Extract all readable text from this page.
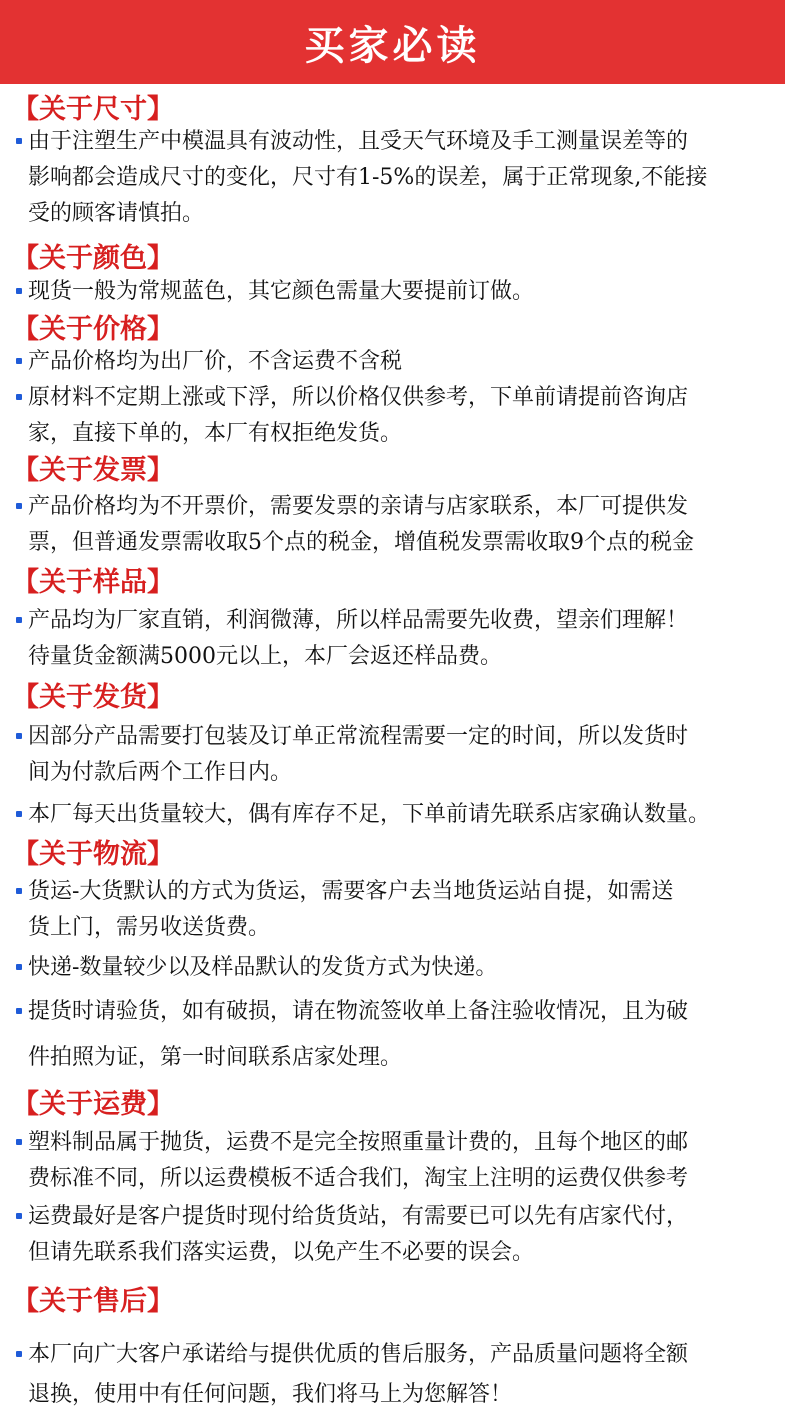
买家必读
【关于尺寸】
由于注塑生产中模温具有波动性，且受天气环境及手工测量误差等的
影响都会造成尺寸的变化，尺寸有1-5%的误差，属于正常现象,不能接
受的顾客请慎拍。
【关于颜色】
现货一般为常规蓝色，其它颜色需量大要提前订做。
【关于价格】
产品价格均为出厂价，不含运费不含税
原材料不定期上涨或下浮，所以价格仅供参考，下单前请提前咨询店
家，直接下单的，本厂有权拒绝发货。
【关于发票】
产品价格均为不开票价，需要发票的亲请与店家联系，本厂可提供发
票，但普通发票需收取5个点的税金，增值税发票需收取9个点的税金
【关于样品】
产品均为厂家直销，利润微薄，所以样品需要先收费，望亲们理解！
待量货金额满5000元以上，本厂会返还样品费。
【关于发货】
因部分产品需要打包装及订单正常流程需要一定的时间，所以发货时
间为付款后两个工作日内。
本厂每天出货量较大，偶有库存不足，下单前请先联系店家确认数量。
【关于物流】
货运-大货默认的方式为货运，需要客户去当地货运站自提，如需送
货上门，需另收送货费。
快递-数量较少以及样品默认的发货方式为快递。
提货时请验货，如有破损，请在物流签收单上备注验收情况，且为破
件拍照为证，第一时间联系店家处理。
【关于运费】
塑料制品属于抛货，运费不是完全按照重量计费的，且每个地区的邮
费标准不同，所以运费模板不适合我们，淘宝上注明的运费仅供参考
运费最好是客户提货时现付给货货站，有需要已可以先有店家代付，
但请先联系我们落实运费，以免产生不必要的误会。
【关于售后】
本厂向广大客户承诺给与提供优质的售后服务，产品质量问题将全额
退换，使用中有任何问题，我们将马上为您解答！
